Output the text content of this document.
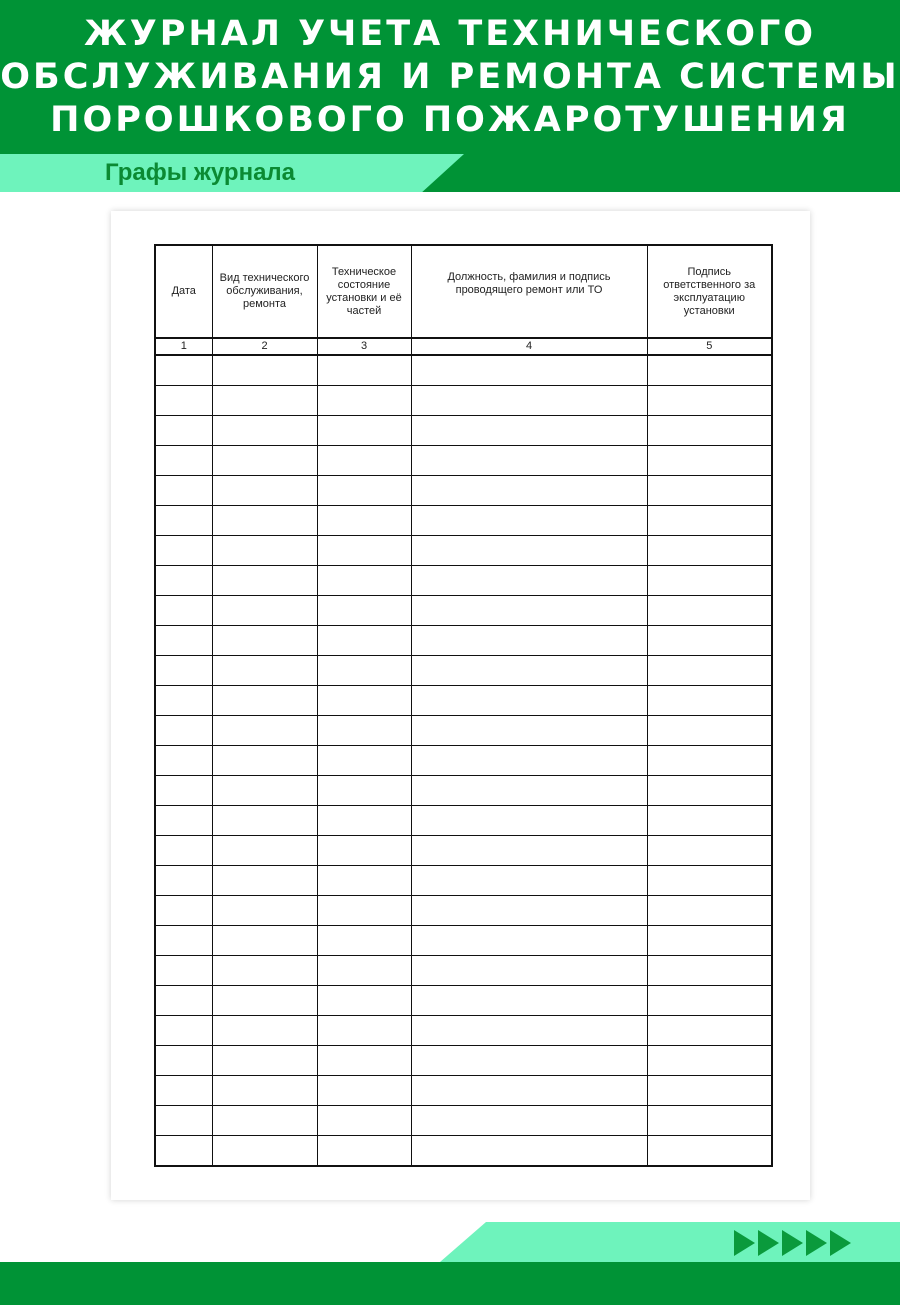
ЖУРНАЛ УЧЕТА ТЕХНИЧЕСКОГО
ОБСЛУЖИВАНИЯ И РЕМОНТА СИСТЕМЫ
ПОРОШКОВОГО ПОЖАРОТУШЕНИЯ

Графы журнала

Дата	Вид технического обслуживания, ремонта	Техническое состояние установки и её частей	Должность, фамилия и подпись проводящего ремонт или ТО	Подпись ответственного за эксплуатацию установки
1	2	3	4	5
